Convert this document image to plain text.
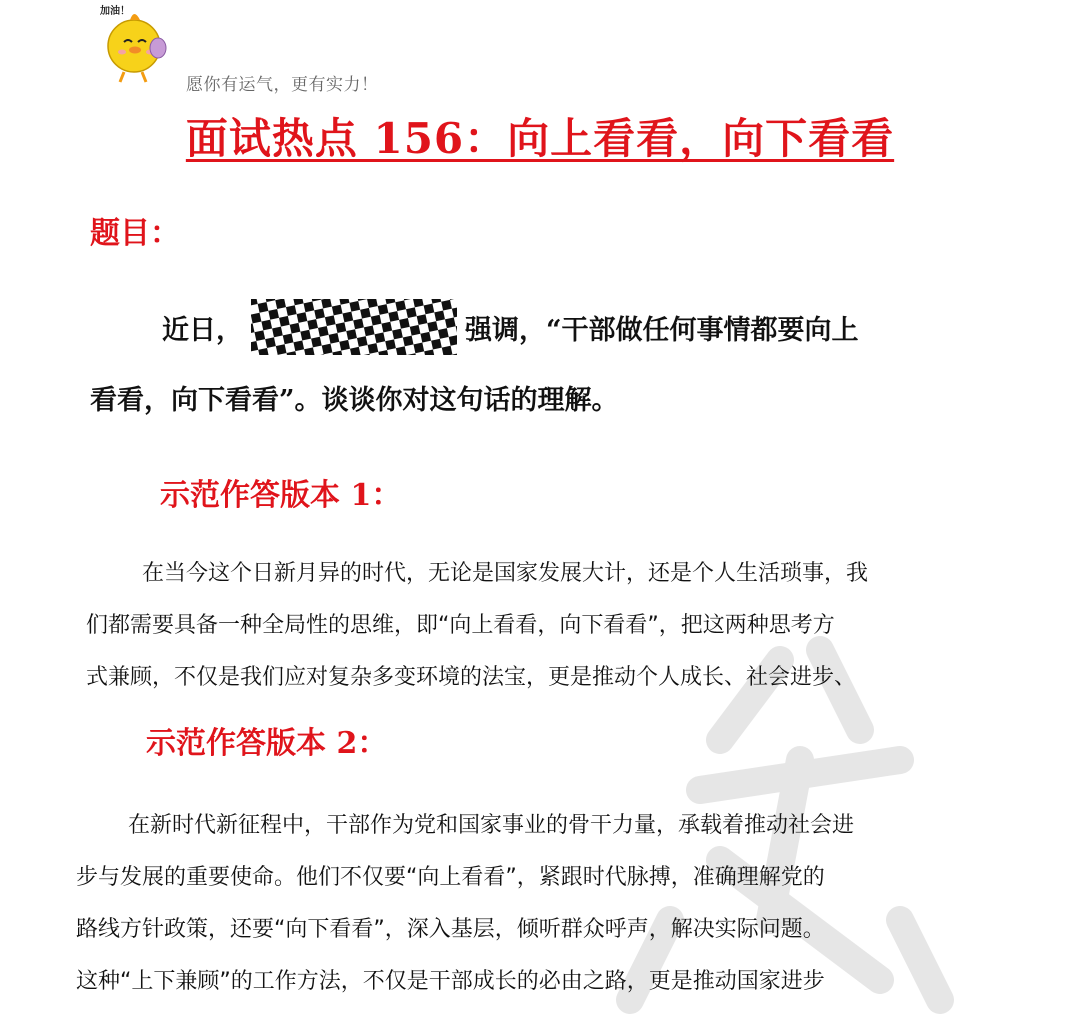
加油！
愿你有运气，更有实力！
面试热点 156：向上看看，向下看看
题目：
近日，	强调，“干部做任何事情都要向上
看看，向下看看”。谈谈你对这句话的理解。
示范作答版本 1：
在当今这个日新月异的时代，无论是国家发展大计，还是个人生活琐事，我
们都需要具备一种全局性的思维，即“向上看看，向下看看”，把这两种思考方
式兼顾，不仅是我们应对复杂多变环境的法宝，更是推动个人成长、社会进步、
示范作答版本 2：
在新时代新征程中，干部作为党和国家事业的骨干力量，承载着推动社会进
步与发展的重要使命。他们不仅要“向上看看”，紧跟时代脉搏，准确理解党的
路线方针政策，还要“向下看看”，深入基层，倾听群众呼声，解决实际问题。
这种“上下兼顾”的工作方法，不仅是干部成长的必由之路，更是推动国家进步
